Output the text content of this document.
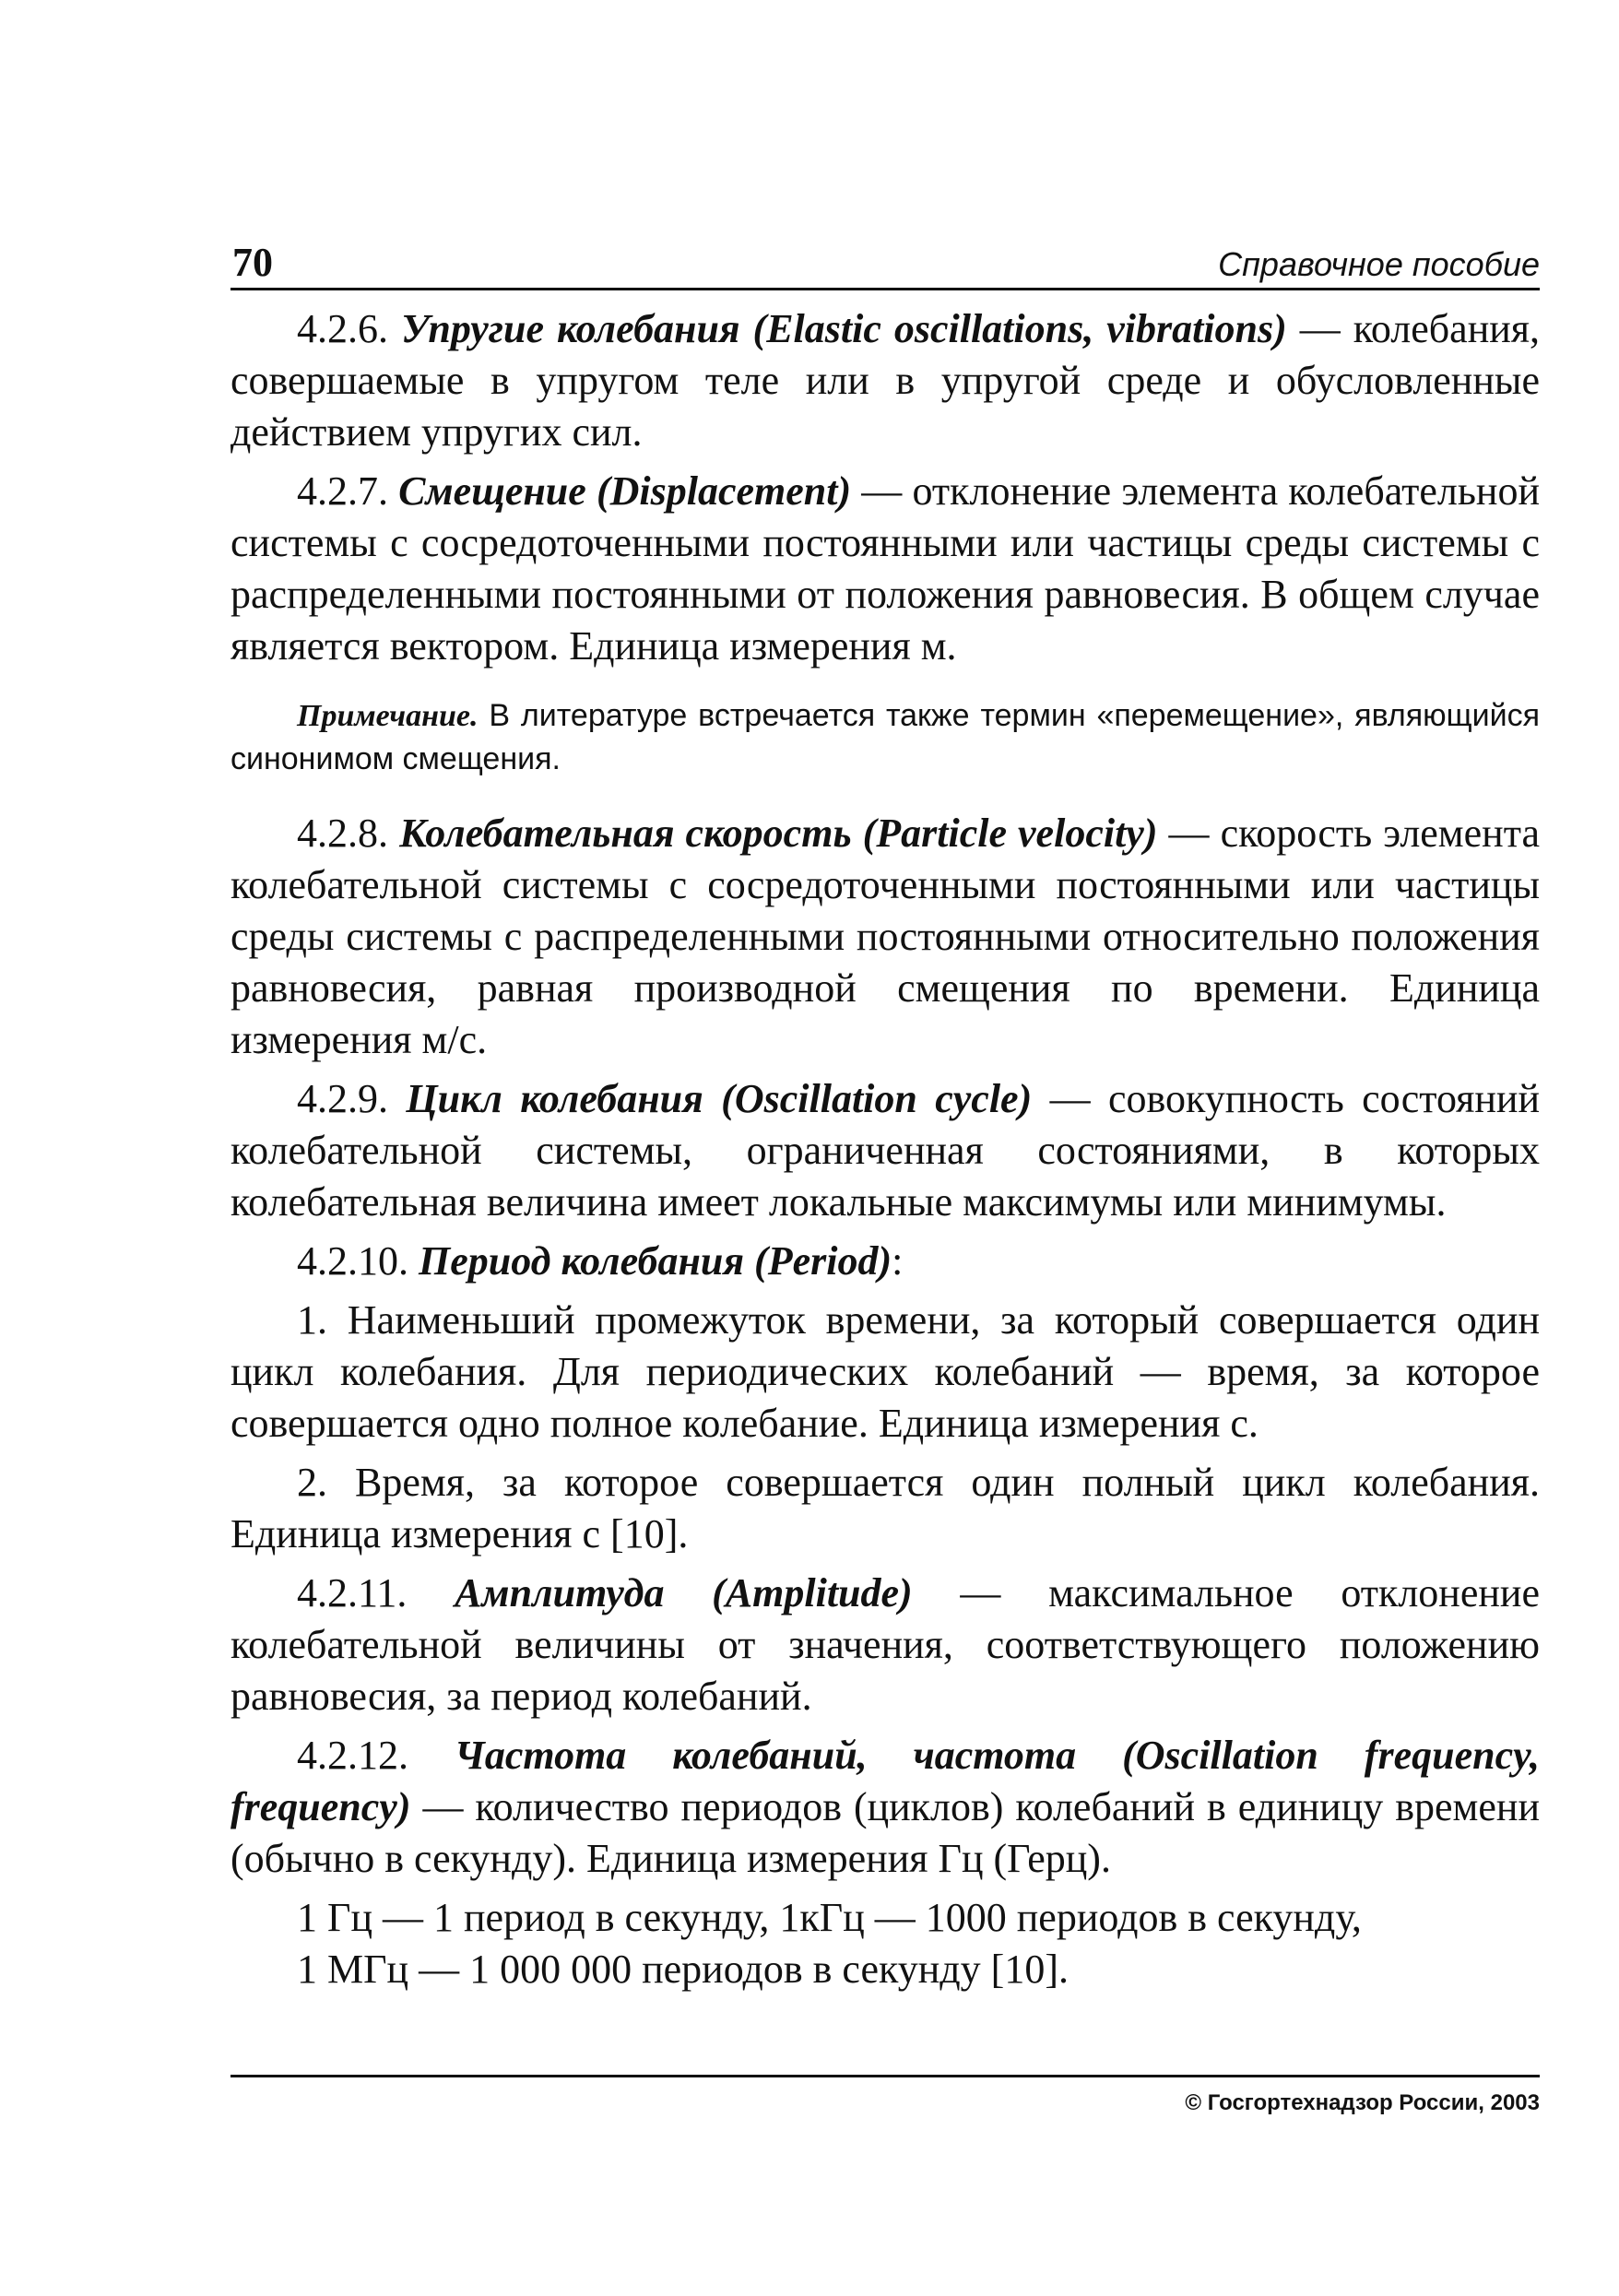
70	Справочное пособие

4.2.6. Упругие колебания (Elastic oscillations, vibrations) — колебания, совершаемые в упругом теле или в упругой среде и обусловленные действием упругих сил.

4.2.7. Смещение (Displacement) — отклонение элемента колебательной системы с сосредоточенными постоянными или частицы среды системы с распределенными постоянными от положения равновесия. В общем случае является вектором. Единица измерения м.

Примечание. В литературе встречается также термин «перемещение», являющийся синонимом смещения.

4.2.8. Колебательная скорость (Particle velocity) — скорость элемента колебательной системы с сосредоточенными постоянными или частицы среды системы с распределенными постоянными относительно положения равновесия, равная производной смещения по времени. Единица измерения м/с.

4.2.9. Цикл колебания (Oscillation cycle) — совокупность состояний колебательной системы, ограниченная состояниями, в которых колебательная величина имеет локальные максимумы или минимумы.

4.2.10. Период колебания (Period):

1. Наименьший промежуток времени, за который совершается один цикл колебания. Для периодических колебаний — время, за которое совершается одно полное колебание. Единица измерения с.

2. Время, за которое совершается один полный цикл колебания. Единица измерения с [10].

4.2.11. Амплитуда (Amplitude) — максимальное отклонение колебательной величины от значения, соответствующего положению равновесия, за период колебаний.

4.2.12. Частота колебаний, частота (Oscillation frequency, frequency) — количество периодов (циклов) колебаний в единицу времени (обычно в секунду). Единица измерения Гц (Герц).

1 Гц — 1 период в секунду, 1кГц — 1000 периодов в секунду,

1 МГц — 1 000 000 периодов в секунду [10].

© Госгортехнадзор России, 2003
